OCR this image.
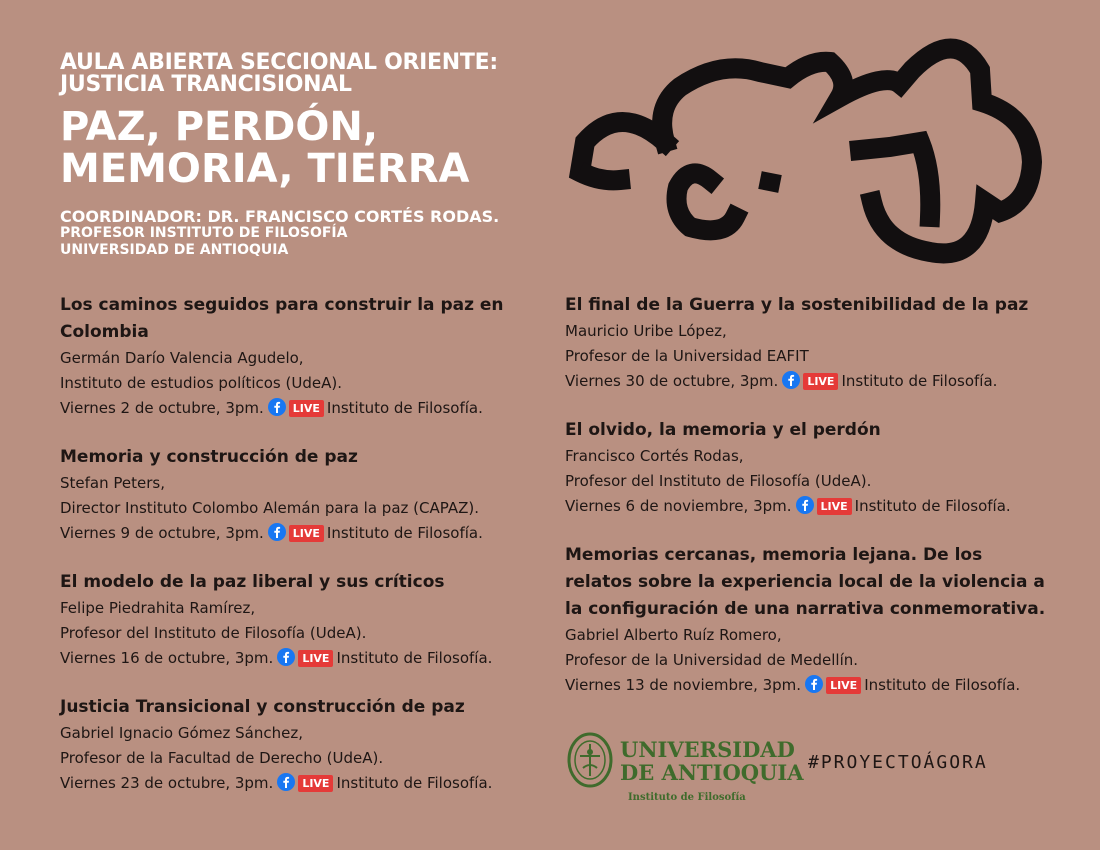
AULA ABIERTA SECCIONAL ORIENTE:
JUSTICIA TRANCISIONAL
PAZ, PERDÓN,
MEMORIA, TIERRA
COORDINADOR: DR. FRANCISCO CORTÉS RODAS.
PROFESOR INSTITUTO DE FILOSOFÍA
UNIVERSIDAD DE ANTIOQUIA

Los caminos seguidos para construir la paz en Colombia

Germán Darío Valencia Agudelo,
Instituto de estudios políticos (UdeA).
Viernes 2 de octubre, 3pm.	LIVE Instituto de Filosofía.

Memoria y construcción de paz

Stefan Peters,
Director Instituto Colombo Alemán para la paz (CAPAZ).
Viernes 9 de octubre, 3pm.	LIVE Instituto de Filosofía.

El modelo de la paz liberal y sus críticos

Felipe Piedrahita Ramírez,
Profesor del Instituto de Filosofía (UdeA).
Viernes 16 de octubre, 3pm.	LIVE Instituto de Filosofía.

Justicia Transicional y construcción de paz

Gabriel Ignacio Gómez Sánchez,
Profesor de la Facultad de Derecho (UdeA).
Viernes 23 de octubre, 3pm.	LIVE Instituto de Filosofía.

El final de la Guerra y la sostenibilidad de la paz

Mauricio Uribe López,
Profesor de la Universidad EAFIT
Viernes 30 de octubre, 3pm.	LIVE Instituto de Filosofía.

El olvido, la memoria y el perdón

Francisco Cortés Rodas,
Profesor del Instituto de Filosofía (UdeA).
Viernes 6 de noviembre, 3pm.	LIVE Instituto de Filosofía.

Memorias cercanas, memoria lejana. De los relatos sobre la experiencia local de la violencia a la configuración de una narrativa conmemorativa.

Gabriel Alberto Ruíz Romero,
Profesor de la Universidad de Medellín.
Viernes 13 de noviembre, 3pm.	LIVE Instituto de Filosofía.
UNIVERSIDAD
DE ANTIOQUIA
Instituto de Filosofía
#PROYECTOÁGORA
